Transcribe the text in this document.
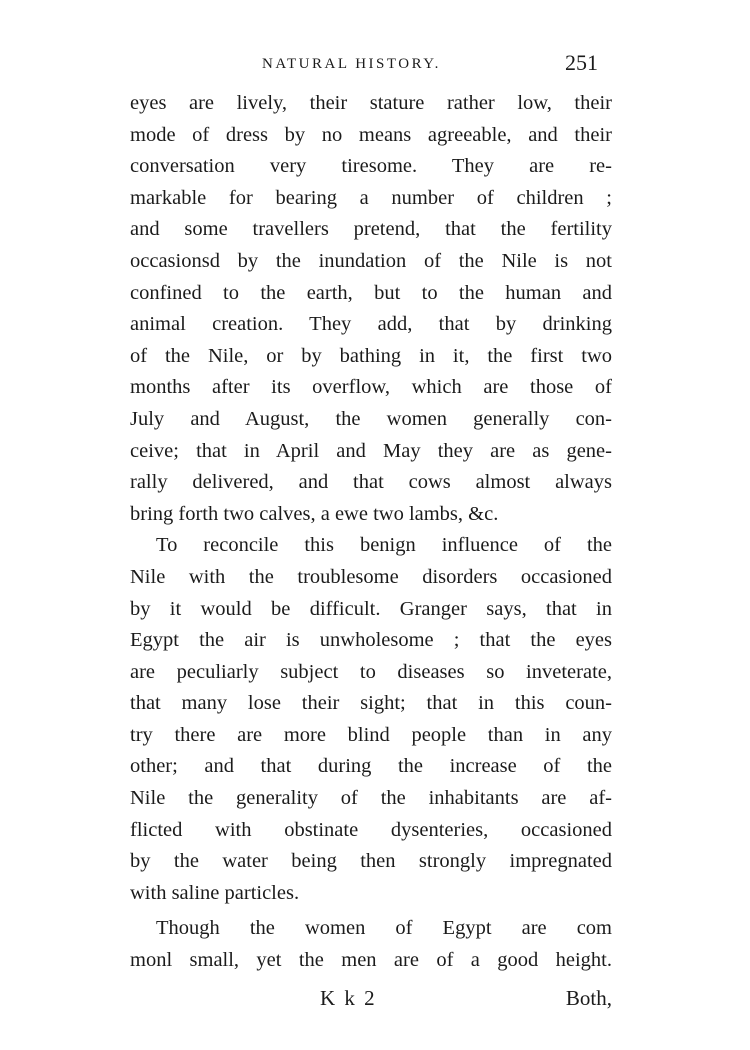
NATURAL HISTORY.	251
eyes are lively, their stature rather low, their
mode of dress by no means agreeable, and their
conversation very tiresome. They are re-
markable for bearing a number of children ;
and some travellers pretend, that the fertility
occasionsd by the inundation of the Nile is not
confined to the earth, but to the human and
animal creation. They add, that by drinking
of the Nile, or by bathing in it, the first two
months after its overflow, which are those of
July and August, the women generally con-
ceive; that in April and May they are as gene-
rally delivered, and that cows almost always
bring forth two calves, a ewe two lambs, &c.
To reconcile this benign influence of the
Nile with the troublesome disorders occasioned
by it would be difficult. Granger says, that in
Egypt the air is unwholesome ; that the eyes
are peculiarly subject to diseases so inveterate,
that many lose their sight; that in this coun-
try there are more blind people than in any
other; and that during the increase of the
Nile the generality of the inhabitants are af-
flicted with obstinate dysenteries, occasioned
by the water being then strongly impregnated
with saline particles.
Though the women of Egypt are com
monl small, yet the men are of a good height.
K k 2	Both,
